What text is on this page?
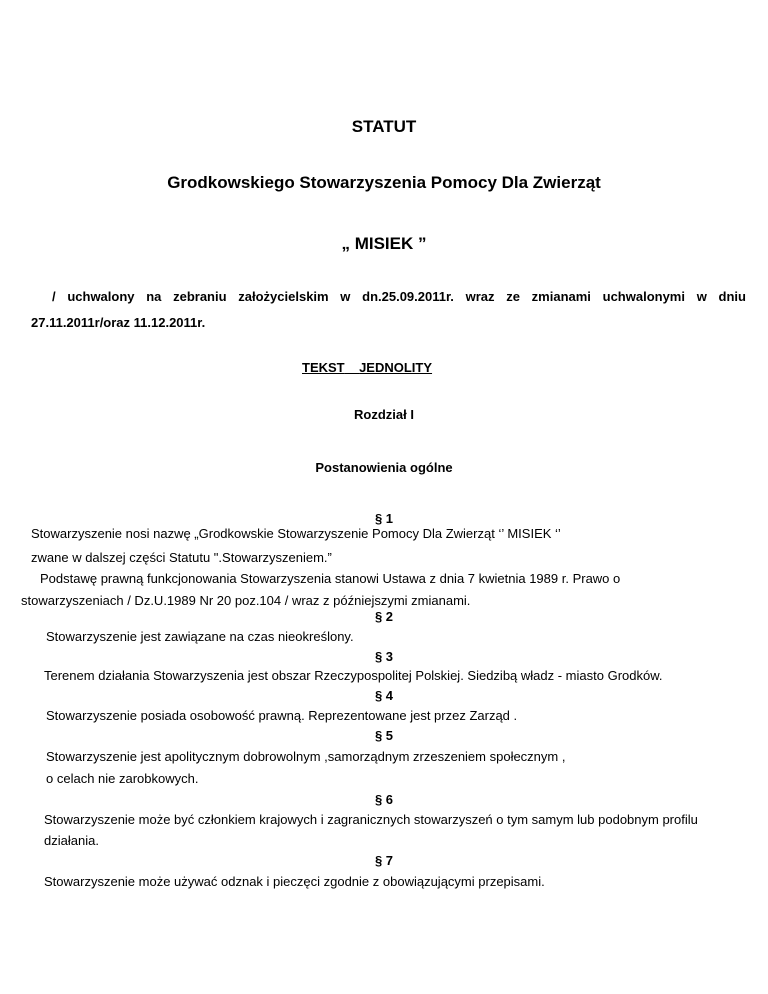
STATUT
Grodkowskiego Stowarzyszenia Pomocy Dla Zwierząt
„ MISIEK ”
/ uchwalony na zebraniu założycielskim w dn.25.09.2011r. wraz ze zmianami uchwalonymi w dniu
27.11.2011r/oraz 11.12.2011r.
TEKST JEDNOLITY
Rozdział I
Postanowienia ogólne
§ 1
Stowarzyszenie nosi nazwę „Grodkowskie Stowarzyszenie Pomocy Dla Zwierząt ‘’ MISIEK ‘’
zwane w dalszej części Statutu ".Stowarzyszeniem.”
Podstawę prawną funkcjonowania Stowarzyszenia stanowi Ustawa z dnia 7 kwietnia 1989 r. Prawo o
stowarzyszeniach / Dz.U.1989 Nr 20 poz.104 / wraz z późniejszymi zmianami.
§ 2
Stowarzyszenie jest zawiązane na czas nieokreślony.
§ 3
Terenem działania Stowarzyszenia jest obszar Rzeczypospolitej Polskiej. Siedzibą władz - miasto Grodków.
§ 4
Stowarzyszenie posiada osobowość prawną. Reprezentowane jest przez Zarząd .
§ 5
Stowarzyszenie jest apolitycznym dobrowolnym ,samorządnym zrzeszeniem społecznym ,
o celach nie zarobkowych.
§ 6
Stowarzyszenie może być członkiem krajowych i zagranicznych stowarzyszeń o tym samym lub podobnym profilu
działania.
§ 7
Stowarzyszenie może używać odznak i pieczęci zgodnie z obowiązującymi przepisami.
